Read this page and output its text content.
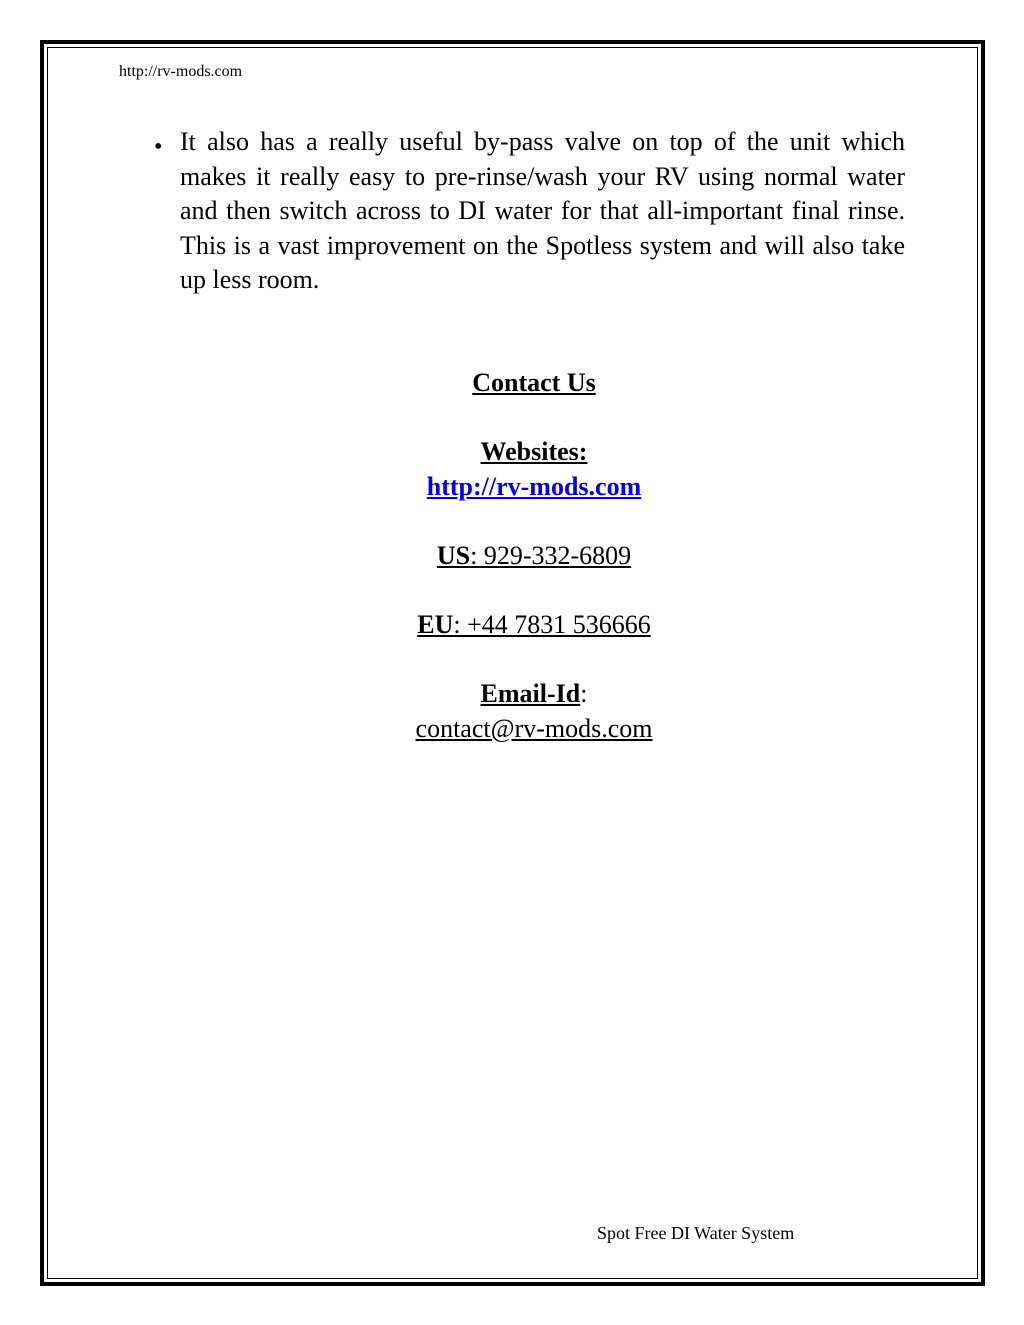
http://rv-mods.com
• It also has a really useful by-pass valve on top of the unit which makes it really easy to pre-rinse/wash your RV using normal water and then switch across to DI water for that all-important final rinse. This is a vast improvement on the Spotless system and will also take up less room.
Contact Us
Websites:
http://rv-mods.com
US: 929-332-6809
EU: +44 7831 536666
Email-Id:
contact@rv-mods.com
Spot Free DI Water System
